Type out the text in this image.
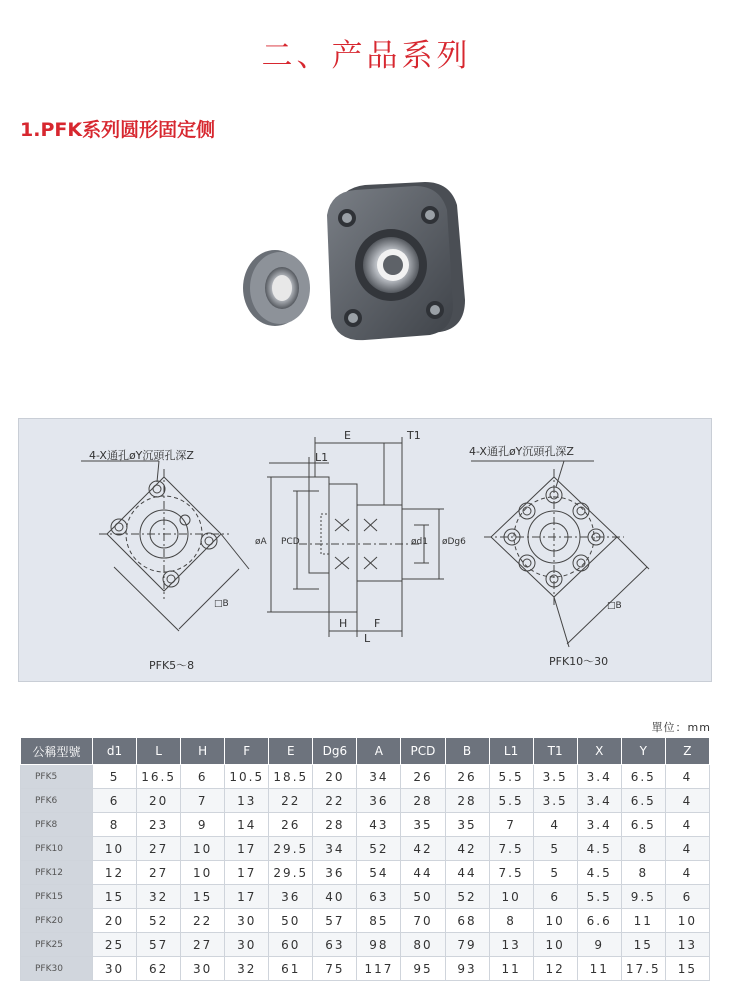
二、产品系列
1.PFK系列圆形固定侧
4-X通孔øY沉頭孔深Z	4-X通孔øY沉頭孔深Z
PFK5～8	PFK10～30
E	T1
L1
øA PCD	ød1 øDg6
H F
L
□B	□B
單位：mm
公稱型號	d1	L	H	F	E	Dg6	A	PCD	B	L1	T1	X	Y	Z
PFK5	5	16.5	6	10.5	18.5	20	34	26	26	5.5	3.5	3.4	6.5	4
PFK6	6	20	7	13	22	22	36	28	28	5.5	3.5	3.4	6.5	4
PFK8	8	23	9	14	26	28	43	35	35	7	4	3.4	6.5	4
PFK10	10	27	10	17	29.5	34	52	42	42	7.5	5	4.5	8	4
PFK12	12	27	10	17	29.5	36	54	44	44	7.5	5	4.5	8	4
PFK15	15	32	15	17	36	40	63	50	52	10	6	5.5	9.5	6
PFK20	20	52	22	30	50	57	85	70	68	8	10	6.6	11	10
PFK25	25	57	27	30	60	63	98	80	79	13	10	9	15	13
PFK30	30	62	30	32	61	75	117	95	93	11	12	11	17.5	15
